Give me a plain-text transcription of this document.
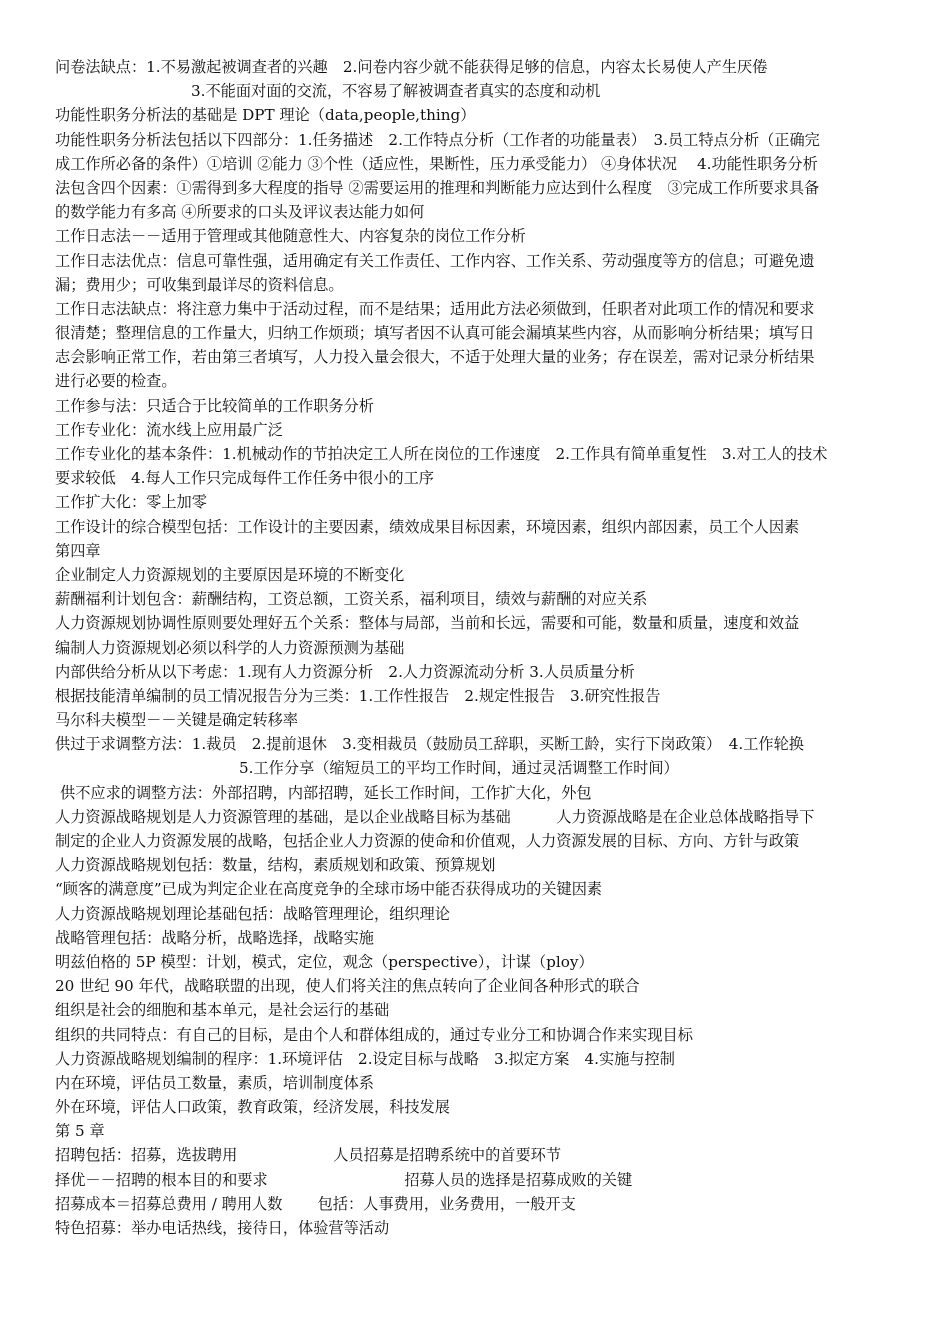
问卷法缺点：1.不易激起被调查者的兴趣　2.问卷内容少就不能获得足够的信息，内容太长易使人产生厌倦
3.不能面对面的交流，不容易了解被调查者真实的态度和动机
功能性职务分析法的基础是 DPT 理论（data,people,thing）
功能性职务分析法包括以下四部分：1.任务描述　2.工作特点分析（工作者的功能量表）　3.员工特点分析（正确完
成工作所必备的条件）①培训 ②能力 ③个性（适应性，果断性，压力承受能力） ④身体状况　 4.功能性职务分析
法包含四个因素：①需得到多大程度的指导 ②需要运用的推理和判断能力应达到什么程度　③完成工作所要求具备
的数学能力有多高 ④所要求的口头及评议表达能力如何
工作日志法－－适用于管理或其他随意性大、内容复杂的岗位工作分析
工作日志法优点：信息可靠性强，适用确定有关工作责任、工作内容、工作关系、劳动强度等方的信息；可避免遗
漏；费用少；可收集到最详尽的资料信息。
工作日志法缺点：将注意力集中于活动过程，而不是结果；适用此方法必须做到，任职者对此项工作的情况和要求
很清楚；整理信息的工作量大，归纳工作烦琐；填写者因不认真可能会漏填某些内容，从而影响分析结果；填写日
志会影响正常工作，若由第三者填写，人力投入量会很大，不适于处理大量的业务；存在误差，需对记录分析结果
进行必要的检查。
工作参与法：只适合于比较简单的工作职务分析
工作专业化：流水线上应用最广泛
工作专业化的基本条件：1.机械动作的节拍决定工人所在岗位的工作速度　2.工作具有简单重复性　3.对工人的技术
要求较低　4.每人工作只完成每件工作任务中很小的工序
工作扩大化：零上加零
工作设计的综合模型包括：工作设计的主要因素，绩效成果目标因素，环境因素，组织内部因素，员工个人因素
第四章
企业制定人力资源规划的主要原因是环境的不断变化
薪酬福利计划包含：薪酬结构，工资总额，工资关系，福利项目，绩效与薪酬的对应关系
人力资源规划协调性原则要处理好五个关系：整体与局部，当前和长远，需要和可能，数量和质量，速度和效益
编制人力资源规划必须以科学的人力资源预测为基础
内部供给分析从以下考虑：1.现有人力资源分析　2.人力资源流动分析 3.人员质量分析
根据技能清单编制的员工情况报告分为三类：1.工作性报告　2.规定性报告　3.研究性报告
马尔科夫模型－－关键是确定转移率
供过于求调整方法：1.裁员　2.提前退休　3.变相裁员（鼓励员工辞职，买断工龄，实行下岗政策）　4.工作轮换
5.工作分享（缩短员工的平均工作时间，通过灵活调整工作时间）
供不应求的调整方法：外部招聘，内部招聘，延长工作时间，工作扩大化，外包
人力资源战略规划是人力资源管理的基础，是以企业战略目标为基础　　　人力资源战略是在企业总体战略指导下
制定的企业人力资源发展的战略，包括企业人力资源的使命和价值观，人力资源发展的目标、方向、方针与政策
人力资源战略规划包括：数量，结构，素质规划和政策、预算规划
“顾客的满意度”已成为判定企业在高度竞争的全球市场中能否获得成功的关键因素
人力资源战略规划理论基础包括：战略管理理论，组织理论
战略管理包括：战略分析，战略选择，战略实施
明兹伯格的 5P 模型：计划，模式，定位，观念（perspective），计谋（ploy）
20 世纪 90 年代，战略联盟的出现，使人们将关注的焦点转向了企业间各种形式的联合
组织是社会的细胞和基本单元，是社会运行的基础
组织的共同特点：有自己的目标，是由个人和群体组成的，通过专业分工和协调合作来实现目标
人力资源战略规划编制的程序：1.环境评估　2.设定目标与战略　3.拟定方案　4.实施与控制
内在环境，评估员工数量，素质，培训制度体系
外在环境，评估人口政策，教育政策，经济发展，科技发展
第 5 章
招聘包括：招募，选拔聘用　　　　　　 人员招募是招聘系统中的首要环节
择优－－招聘的根本目的和要求　　　　　　　　　招募人员的选择是招募成败的关键
招募成本＝招募总费用 / 聘用人数　　 包括：人事费用，业务费用，一般开支
特色招募：举办电话热线，接待日，体验营等活动
